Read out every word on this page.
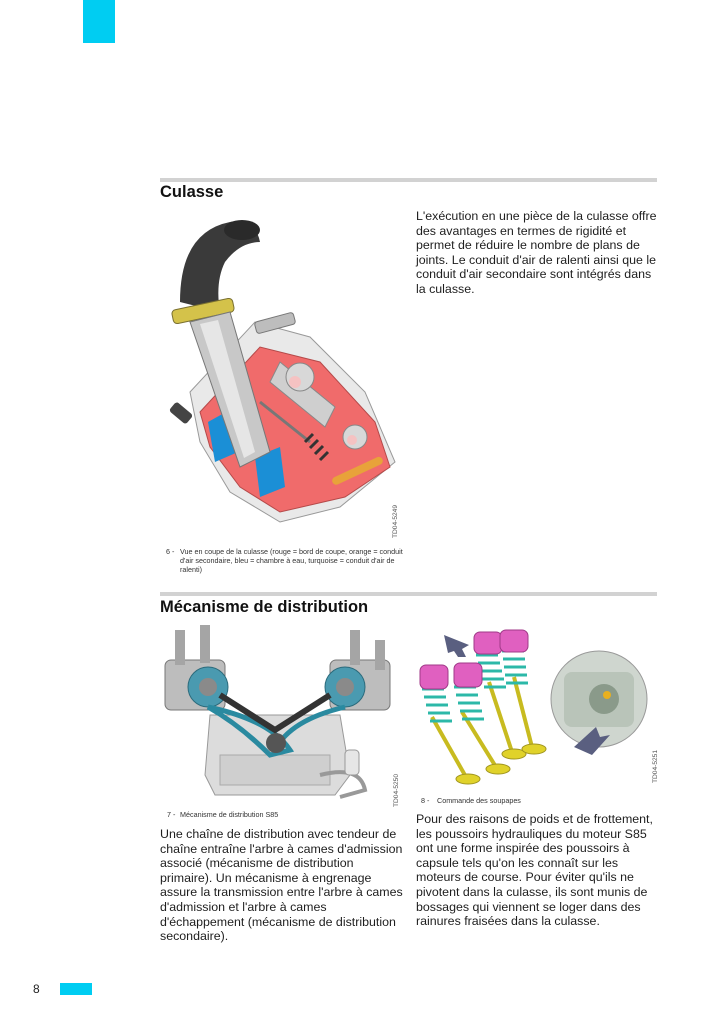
Culasse
L'exécution en une pièce de la culasse offre des avantages en termes de rigidité et permet de réduire le nombre de plans de joints. Le conduit d'air de ralenti ainsi que le conduit d'air secondaire sont intégrés dans la culasse.
TD04-5249
6 - Vue en coupe de la culasse (rouge = bord de coupe, orange = conduit d'air secondaire, bleu = chambre à eau, turquoise = conduit d'air de ralenti)
Mécanisme de distribution
TD04-5250
TD04-5251
7 - Mécanisme de distribution S85
8 - Commande des soupapes
Une chaîne de distribution avec tendeur de chaîne entraîne l'arbre à cames d'admission associé (mécanisme de distribution primaire). Un mécanisme à engrenage assure la transmission entre l'arbre à cames d'admission et l'arbre à cames d'échappement (mécanisme de distribution secondaire).
Pour des raisons de poids et de frottement, les poussoirs hydrauliques du moteur S85 ont une forme inspirée des poussoirs à capsule tels qu'on les connaît sur les moteurs de course. Pour éviter qu'ils ne pivotent dans la culasse, ils sont munis de bossages qui viennent se loger dans des rainures fraisées dans la culasse.
8
